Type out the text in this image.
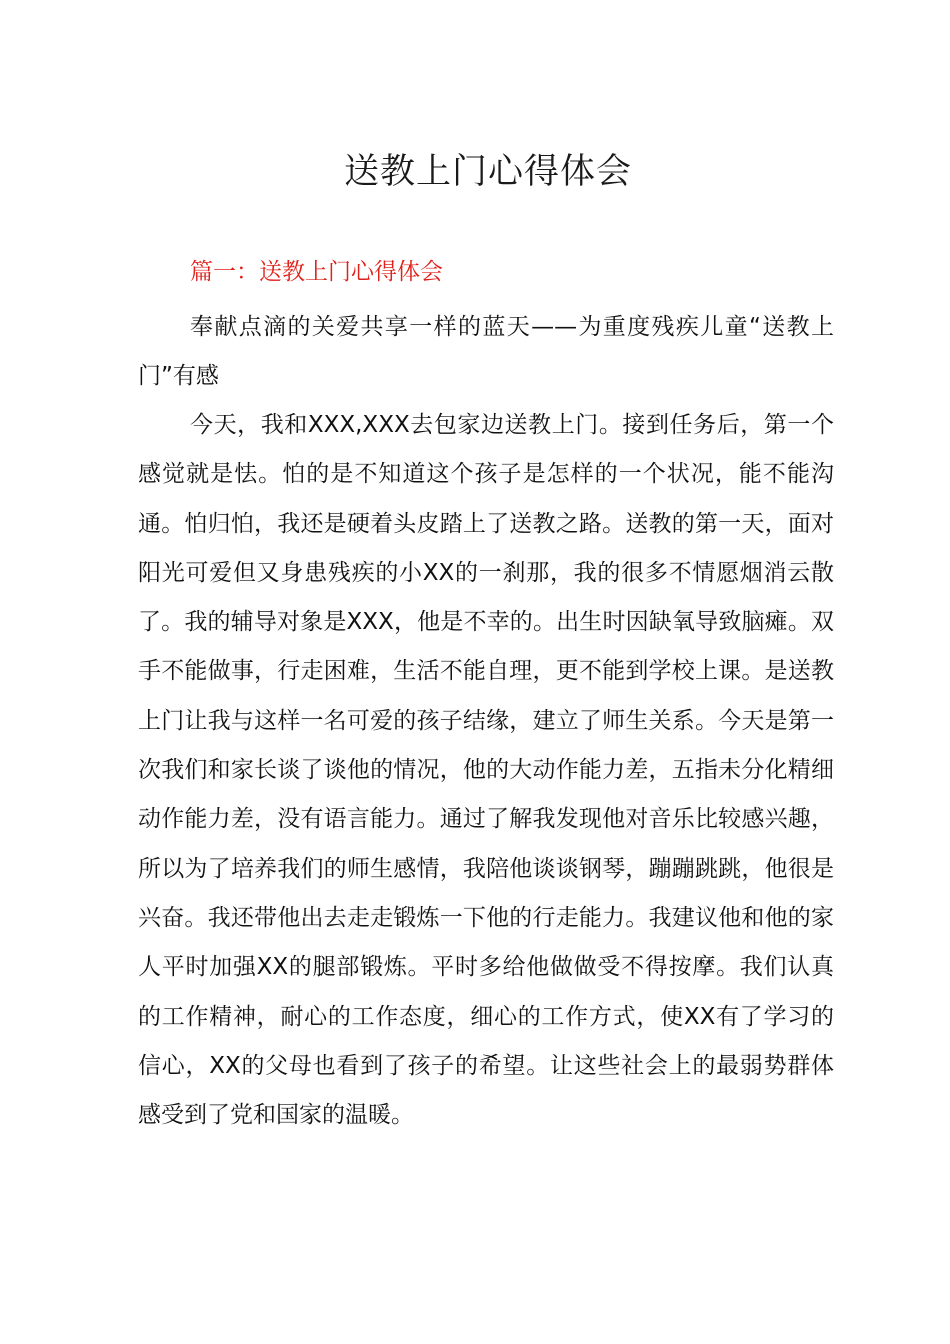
送教上门心得体会
篇一：送教上门心得体会

奉献点滴的关爱共享一样的蓝天——为重度残疾儿童“送教上门”有感

今天，我和XXX,XXX去包家边送教上门。接到任务后，第一个感觉就是怯。怕的是不知道这个孩子是怎样的一个状况，能不能沟通。怕归怕，我还是硬着头皮踏上了送教之路。送教的第一天，面对阳光可爱但又身患残疾的小XX的一刹那，我的很多不情愿烟消云散了。我的辅导对象是XXX，他是不幸的。出生时因缺氧导致脑瘫。双手不能做事，行走困难，生活不能自理，更不能到学校上课。是送教上门让我与这样一名可爱的孩子结缘，建立了师生关系。今天是第一次我们和家长谈了谈他的情况，他的大动作能力差，五指未分化精细动作能力差，没有语言能力。通过了解我发现他对音乐比较感兴趣，所以为了培养我们的师生感情，我陪他谈谈钢琴，蹦蹦跳跳，他很是兴奋。我还带他出去走走锻炼一下他的行走能力。我建议他和他的家人平时加强XX的腿部锻炼。平时多给他做做受不得按摩。我们认真的工作精神，耐心的工作态度，细心的工作方式，使XX有了学习的信心，XX的父母也看到了孩子的希望。让这些社会上的最弱势群体感受到了党和国家的温暖。
